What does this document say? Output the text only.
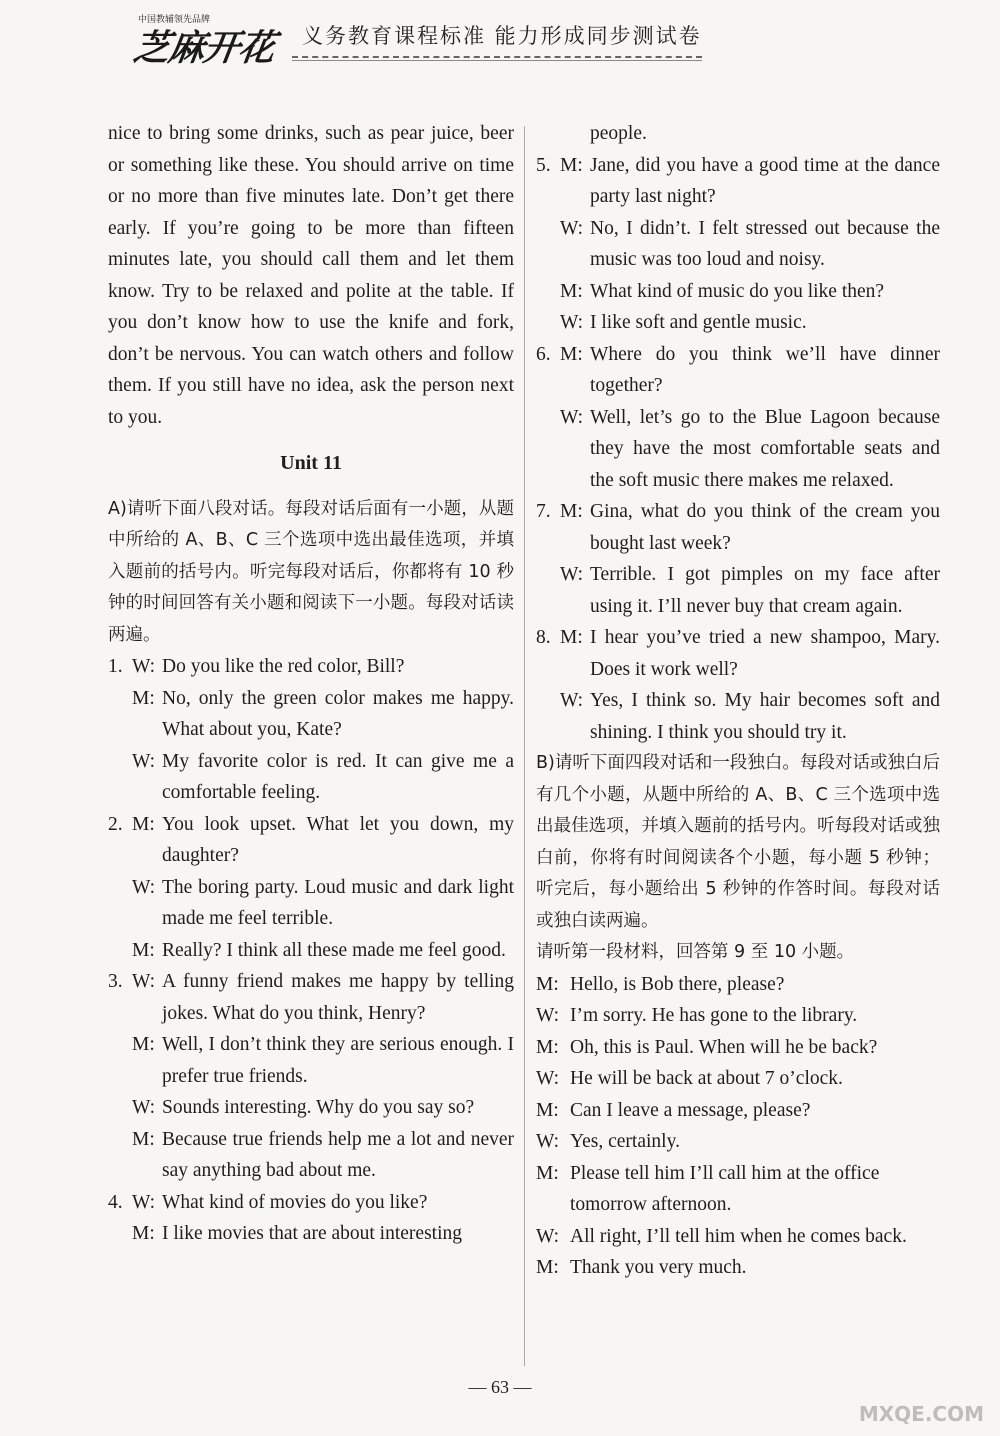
中国教辅领先品牌
芝麻开花 义务教育课程标准 能力形成同步测试卷

nice to bring some drinks, such as pear juice, beer or something like these. You should arrive on time or no more than five minutes late. Don’t get there early. If you’re going to be more than fifteen minutes late, you should call them and let them know. Try to be relaxed and polite at the table. If you don’t know how to use the knife and fork, don’t be nervous. You can watch others and follow them. If you still have no idea, ask the person next to you.

Unit 11
A)请听下面八段对话。每段对话后面有一小题，从题中所给的 A、B、C 三个选项中选出最佳选项，并填入题前的括号内。听完每段对话后，你都将有 10 秒钟的时间回答有关小题和阅读下一小题。每段对话读两遍。
1. W: Do you like the red color, Bill?
M: No, only the green color makes me happy. What about you, Kate?
W: My favorite color is red. It can give me a comfortable feeling.
2. M: You look upset. What let you down, my daughter?
W: The boring party. Loud music and dark light made me feel terrible.
M: Really? I think all these made me feel good.
3. W: A funny friend makes me happy by telling jokes. What do you think, Henry?
M: Well, I don’t think they are serious enough. I prefer true friends.
W: Sounds interesting. Why do you say so?
M: Because true friends help me a lot and never say anything bad about me.
4. W: What kind of movies do you like?
M: I like movies that are about interesting
people.
5. M: Jane, did you have a good time at the dance party last night?
W: No, I didn’t. I felt stressed out because the music was too loud and noisy.
M: What kind of music do you like then?
W: I like soft and gentle music.
6. M: Where do you think we’ll have dinner together?
W: Well, let’s go to the Blue Lagoon because they have the most comfortable seats and the soft music there makes me relaxed.
7. M: Gina, what do you think of the cream you bought last week?
W: Terrible. I got pimples on my face after using it. I’ll never buy that cream again.
8. M: I hear you’ve tried a new shampoo, Mary. Does it work well?
W: Yes, I think so. My hair becomes soft and shining. I think you should try it.
B)请听下面四段对话和一段独白。每段对话或独白后有几个小题，从题中所给的 A、B、C 三个选项中选出最佳选项，并填入题前的括号内。听每段对话或独白前，你将有时间阅读各个小题，每小题 5 秒钟；听完后，每小题给出 5 秒钟的作答时间。每段对话或独白读两遍。
请听第一段材料，回答第 9 至 10 小题。
M: Hello, is Bob there, please?
W: I’m sorry. He has gone to the library.
M: Oh, this is Paul. When will he be back?
W: He will be back at about 7 o’clock.
M: Can I leave a message, please?
W: Yes, certainly.
M: Please tell him I’ll call him at the office tomorrow afternoon.
W: All right, I’ll tell him when he comes back.
M: Thank you very much.
— 63 —
MXQE.COM
